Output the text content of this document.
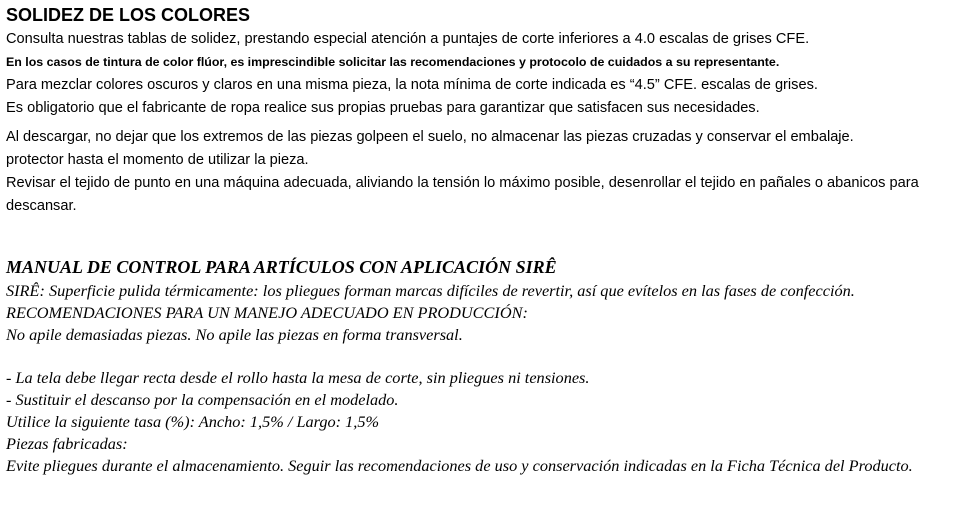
SOLIDEZ DE LOS COLORES
Consulta nuestras tablas de solidez, prestando especial atención a puntajes de corte inferiores a 4.0 escalas de grises CFE.
En los casos de tintura de color flúor, es imprescindible solicitar las recomendaciones y protocolo de cuidados a su representante.
Para mezclar colores oscuros y claros en una misma pieza, la nota mínima de corte indicada es “4.5” CFE. escalas de grises.
Es obligatorio que el fabricante de ropa realice sus propias pruebas para garantizar que satisfacen sus necesidades.
Al descargar, no dejar que los extremos de las piezas golpeen el suelo, no almacenar las piezas cruzadas y conservar el embalaje.
protector hasta el momento de utilizar la pieza.
Revisar el tejido de punto en una máquina adecuada, aliviando la tensión lo máximo posible, desenrollar el tejido en pañales o abanicos para descansar.
MANUAL DE CONTROL PARA ARTÍCULOS CON APLICACIÓN SIRÊ
SIRÊ: Superficie pulida térmicamente: los pliegues forman marcas difíciles de revertir, así que evítelos en las fases de confección.
RECOMENDACIONES PARA UN MANEJO ADECUADO EN PRODUCCIÓN:
No apile demasiadas piezas. No apile las piezas en forma transversal.
- La tela debe llegar recta desde el rollo hasta la mesa de corte, sin pliegues ni tensiones.
- Sustituir el descanso por la compensación en el modelado.
Utilice la siguiente tasa (%): Ancho: 1,5% / Largo: 1,5%
Piezas fabricadas:
Evite pliegues durante el almacenamiento. Seguir las recomendaciones de uso y conservación indicadas en la Ficha Técnica del Producto.
